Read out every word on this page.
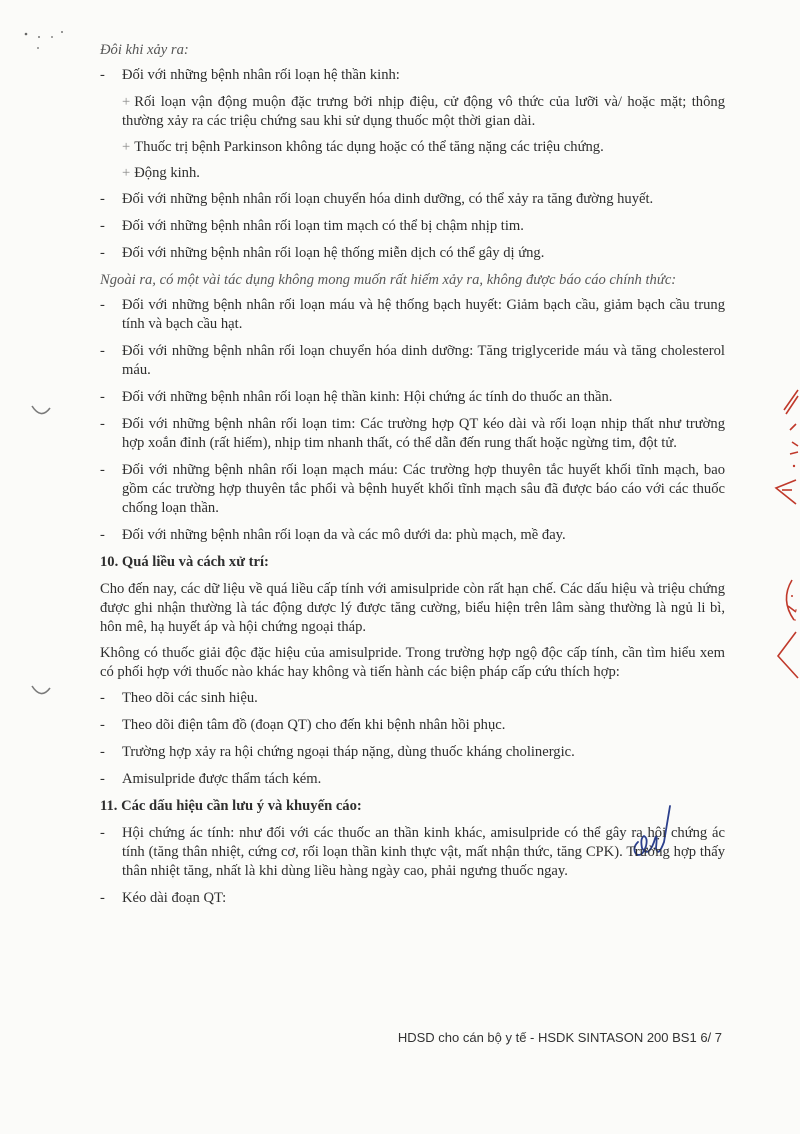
Đôi khi xảy ra:
- Đối với những bệnh nhân rối loạn hệ thần kinh:
+ Rối loạn vận động muộn đặc trưng bởi nhịp điệu, cử động vô thức của lưỡi và/ hoặc mặt; thông thường xảy ra các triệu chứng sau khi sử dụng thuốc một thời gian dài.
+ Thuốc trị bệnh Parkinson không tác dụng hoặc có thể tăng nặng các triệu chứng.
+ Động kinh.
- Đối với những bệnh nhân rối loạn chuyển hóa dinh dưỡng, có thể xảy ra tăng đường huyết.
- Đối với những bệnh nhân rối loạn tim mạch có thể bị chậm nhịp tim.
- Đối với những bệnh nhân rối loạn hệ thống miễn dịch có thể gây dị ứng.
Ngoài ra, có một vài tác dụng không mong muốn rất hiếm xảy ra, không được báo cáo chính thức:
- Đối với những bệnh nhân rối loạn máu và hệ thống bạch huyết: Giảm bạch cầu, giảm bạch cầu trung tính và bạch cầu hạt.
- Đối với những bệnh nhân rối loạn chuyển hóa dinh dưỡng: Tăng triglyceride máu và tăng cholesterol máu.
- Đối với những bệnh nhân rối loạn hệ thần kinh: Hội chứng ác tính do thuốc an thần.
- Đối với những bệnh nhân rối loạn tim: Các trường hợp QT kéo dài và rối loạn nhịp thất như trường hợp xoắn đỉnh (rất hiếm), nhịp tim nhanh thất, có thể dẫn đến rung thất hoặc ngừng tim, đột tử.
- Đối với những bệnh nhân rối loạn mạch máu: Các trường hợp thuyên tắc huyết khối tĩnh mạch, bao gồm các trường hợp thuyên tắc phổi và bệnh huyết khối tĩnh mạch sâu đã được báo cáo với các thuốc chống loạn thần.
- Đối với những bệnh nhân rối loạn da và các mô dưới da: phù mạch, mề đay.
10. Quá liều và cách xử trí:
Cho đến nay, các dữ liệu về quá liều cấp tính với amisulpride còn rất hạn chế. Các dấu hiệu và triệu chứng được ghi nhận thường là tác động dược lý được tăng cường, biểu hiện trên lâm sàng thường là ngủ li bì, hôn mê, hạ huyết áp và hội chứng ngoại tháp.
Không có thuốc giải độc đặc hiệu của amisulpride. Trong trường hợp ngộ độc cấp tính, cần tìm hiểu xem có phối hợp với thuốc nào khác hay không và tiến hành các biện pháp cấp cứu thích hợp:
- Theo dõi các sinh hiệu.
- Theo dõi điện tâm đồ (đoạn QT) cho đến khi bệnh nhân hồi phục.
- Trường hợp xảy ra hội chứng ngoại tháp nặng, dùng thuốc kháng cholinergic.
- Amisulpride được thẩm tách kém.
11. Các dấu hiệu cần lưu ý và khuyến cáo:
- Hội chứng ác tính: như đối với các thuốc an thần kinh khác, amisulpride có thể gây ra hội chứng ác tính (tăng thân nhiệt, cứng cơ, rối loạn thần kinh thực vật, mất nhận thức, tăng CPK). Trường hợp thấy thân nhiệt tăng, nhất là khi dùng liều hàng ngày cao, phải ngưng thuốc ngay.
- Kéo dài đoạn QT:
HDSD cho cán bộ y tế - HSDK SINTASON 200 BS1 6/ 7
